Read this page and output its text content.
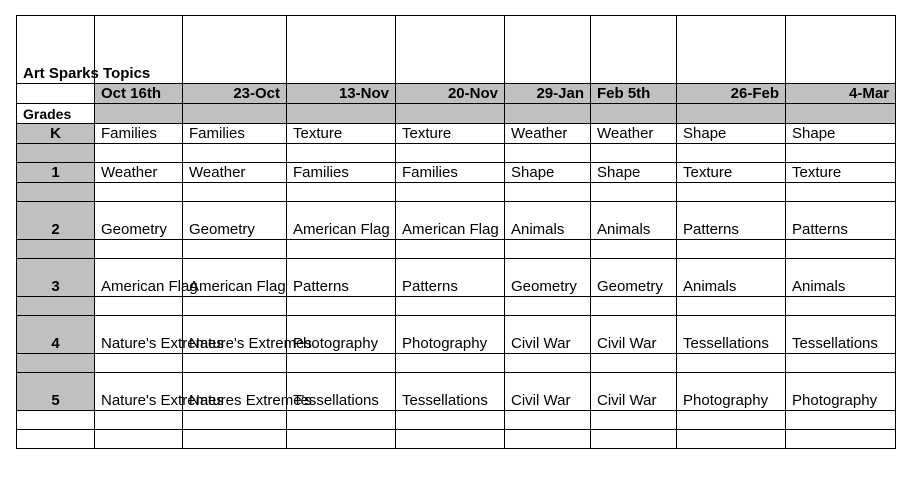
Art Sparks Topics								
	Oct 16th	23-Oct	13-Nov	20-Nov	29-Jan	Feb 5th	26-Feb	4-Mar
Grades								
K	Families	Families	Texture	Texture	Weather	Weather	Shape	Shape

1	Weather	Weather	Families	Families	Shape	Shape	Texture	Texture

2	Geometry	Geometry	American Flag	American Flag	Animals	Animals	Patterns	Patterns

3	American Flag	American Flag	Patterns	Patterns	Geometry	Geometry	Animals	Animals

4	Nature's Extremes	Nature's Extremes	Photography	Photography	Civil War	Civil War	Tessellations	Tessellations

5	Nature's Extremes	Natures Extreme's	Tessellations	Tessellations	Civil War	Civil War	Photography	Photography
